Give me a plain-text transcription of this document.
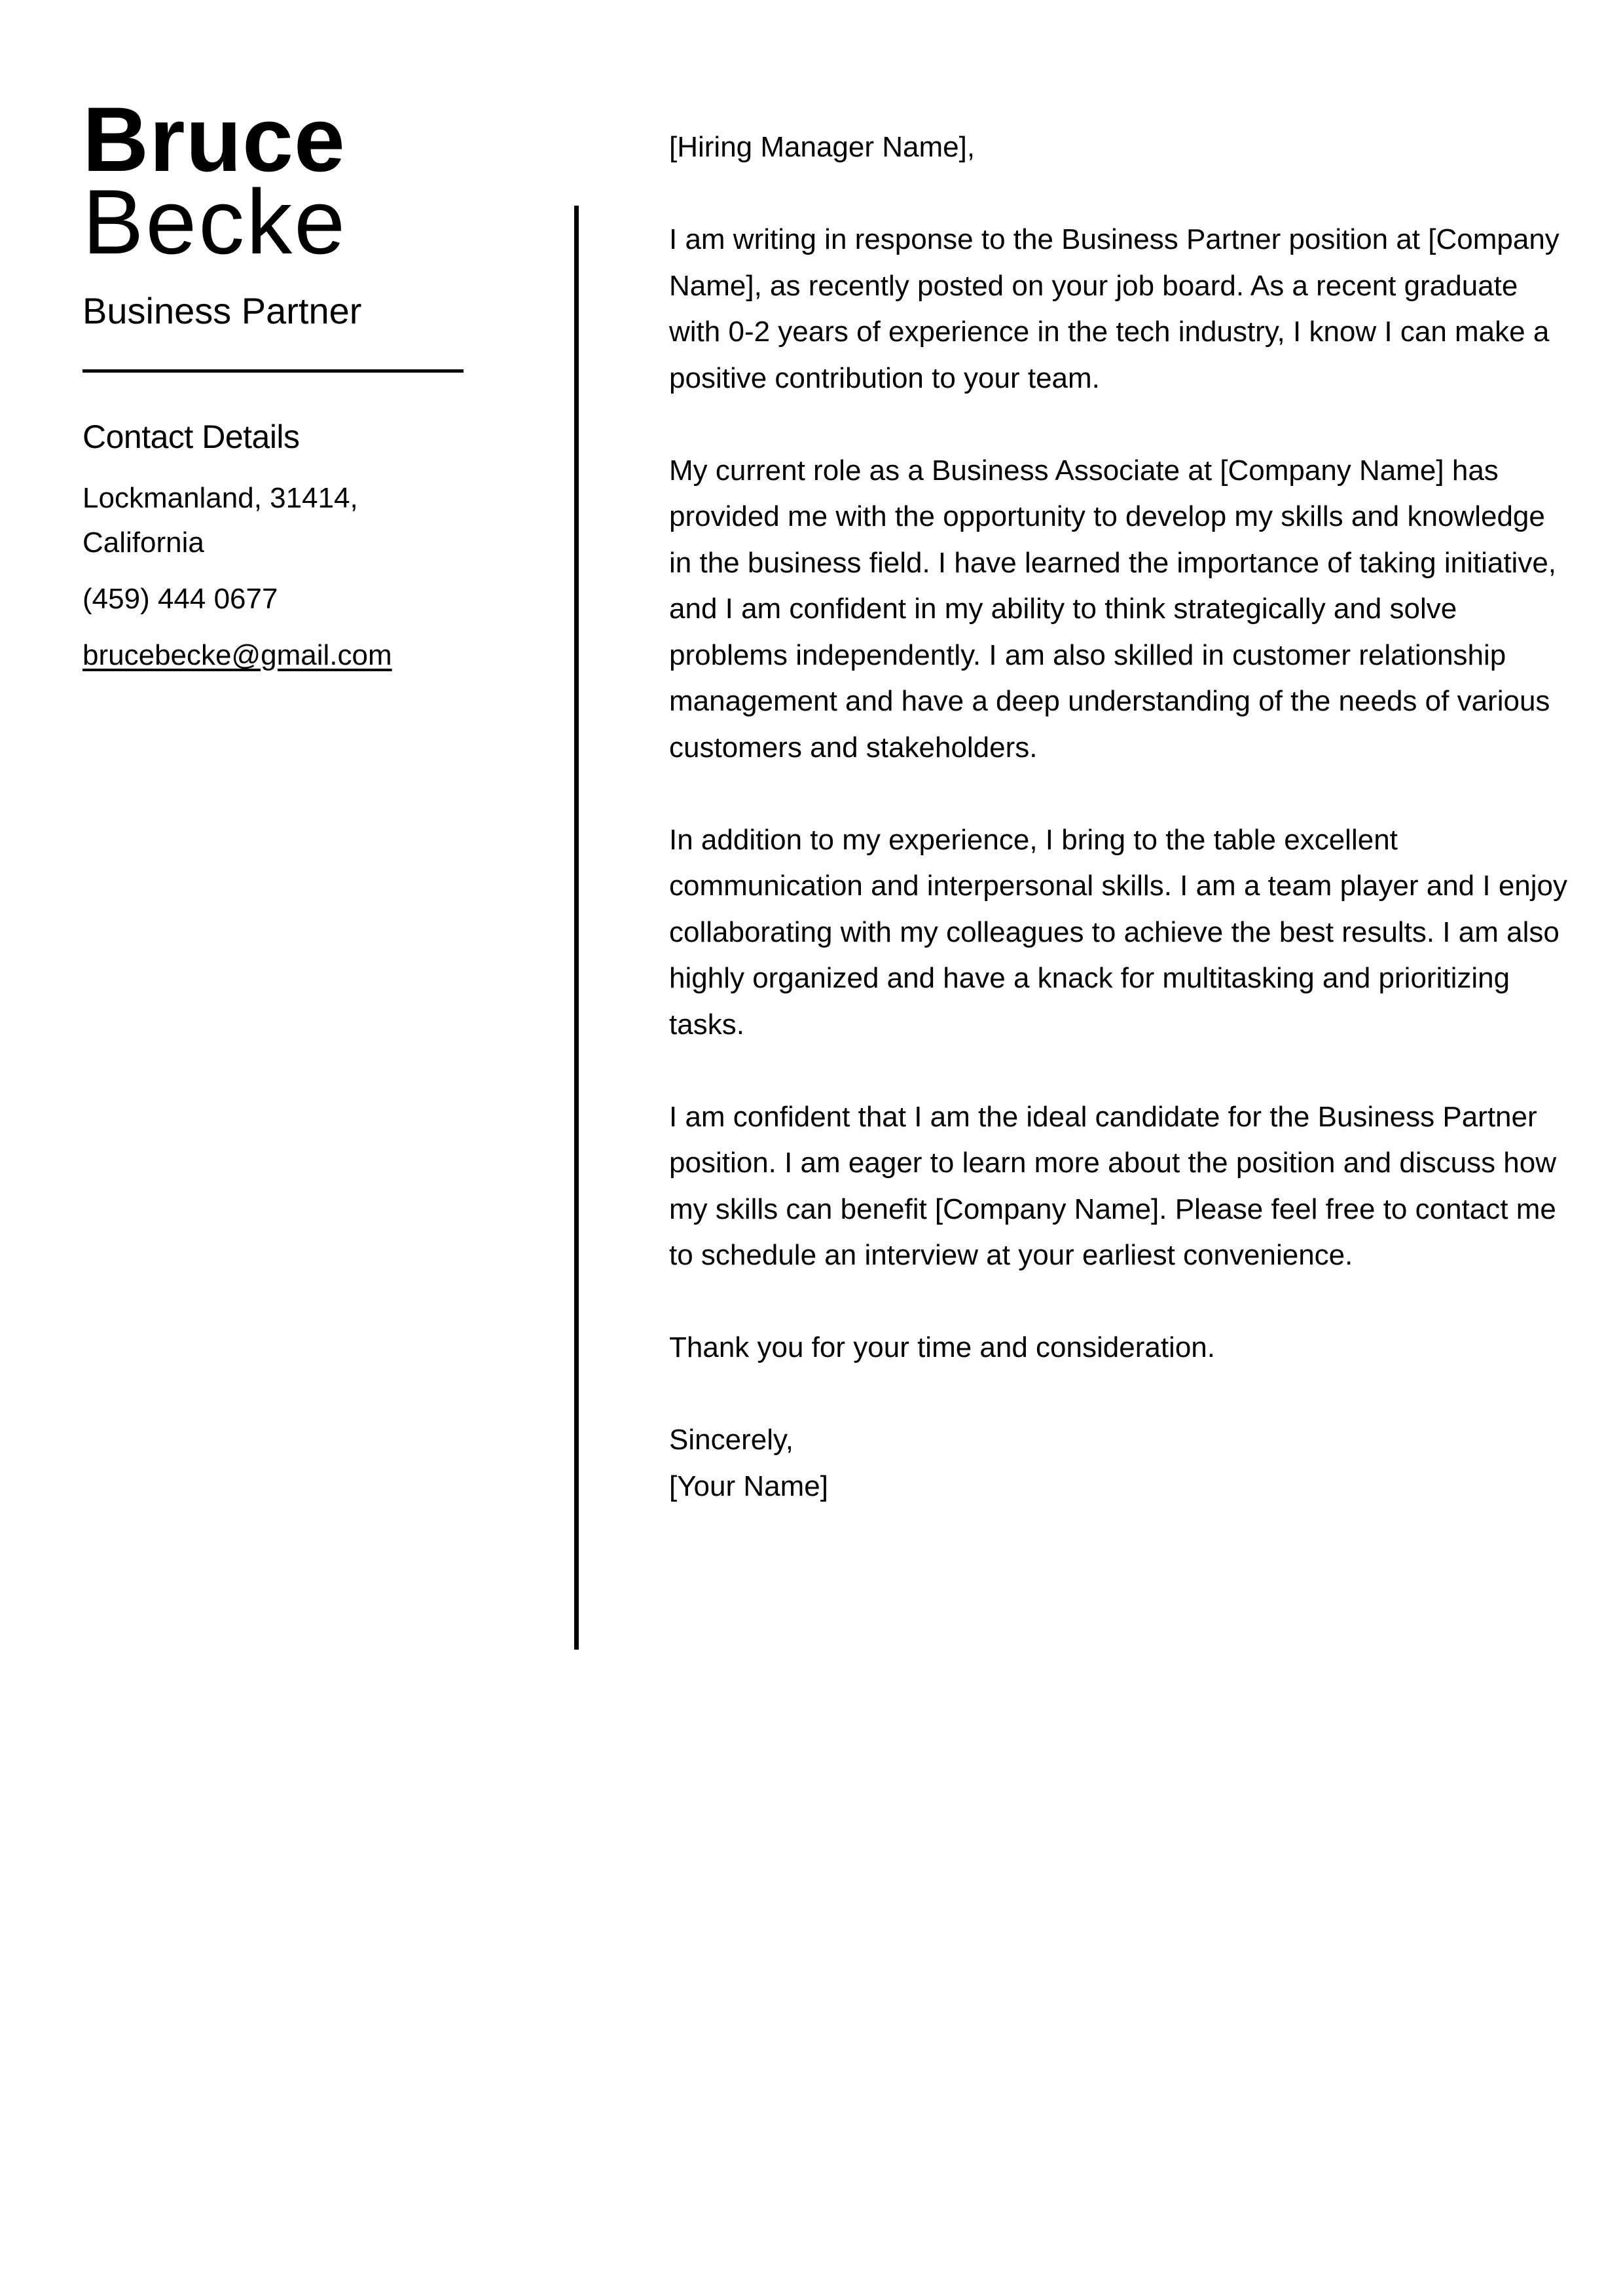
Bruce
Becke
Business Partner
Contact Details
Lockmanland, 31414, California
(459) 444 0677
brucebecke@gmail.com

[Hiring Manager Name],

I am writing in response to the Business Partner position at [Company Name], as recently posted on your job board. As a recent graduate with 0-2 years of experience in the tech industry, I know I can make a positive contribution to your team.

My current role as a Business Associate at [Company Name] has provided me with the opportunity to develop my skills and knowledge in the business field. I have learned the importance of taking initiative, and I am confident in my ability to think strategically and solve problems independently. I am also skilled in customer relationship management and have a deep understanding of the needs of various customers and stakeholders.

In addition to my experience, I bring to the table excellent communication and interpersonal skills. I am a team player and I enjoy collaborating with my colleagues to achieve the best results. I am also highly organized and have a knack for multitasking and prioritizing tasks.

I am confident that I am the ideal candidate for the Business Partner position. I am eager to learn more about the position and discuss how my skills can benefit [Company Name]. Please feel free to contact me to schedule an interview at your earliest convenience.

Thank you for your time and consideration.

Sincerely,
[Your Name]
